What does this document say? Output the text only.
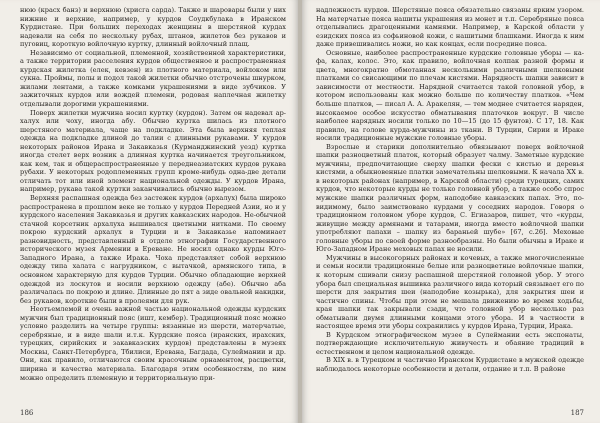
нюю (красх банз) и верхнюю (хрисга сарда). Также и шаровары были у них нижние и верхние, например, у курдов Соудкбулака в Иранском Курдистане. При больших переходах женщины в шерстяной курдах надевали на себя по нескольку рубах, штанов, жилетов без рукавов и пуговиц, короткую войлочную куртку, длинный войлочный плащ.

Независимо от социальной, племенной, хозяйственной характеристики, а также территории расселения курдов общественное и распространенная курдская жилетка (елек, кевзен) из плотного материала, войлоком или сукна. Проймы, полы и подол такой жилетки обычно отстрочены шнурком, жилами лентами, а также комками украшениями в виде зубчиков. У зажиточных курдов или вождей племени, родовая наплечная жилетку отделывали дорогими украшениями.

Поверх жилетки мужчина носил куртку (курдон). Затем он надевал ар-халух или чоху, иногда абу. Обычно куртка шилась из плотного шерстяного материала, чаще на подкладке. Эта была верхняя теплая одежда на подкладке длиной до талии с длинными рукавами. У курдов некоторых районов Ирана и Закавказья (Курманджинский уезд) куртка иногда стелет верх возник а длинная куртка начинается треугольником, как кем, так и общераспространенные у переднеазиатских курдов рукава рубахи. У некоторых родоплеменных групп кроме-нибудь одна-две детали отличать тот или иной элемент национальной одежды. У курдов Ирана, например, рукава такой куртки заканчивались обычно вырезом.

Верхняя распашная одежда без застежек курдов (архалух) была широко распространена в прошлом веке не только у курдов Передней Азии, но и у курдского населения Закавказья и других кавказских народов. Не-обычной стачной корсетник архалуха вышивался цветными нитками. По своему покрою курдский архалух в Турции и в Закавказье напоминает разновидность, представленный в отделе этнографии Государственного исторического музея Армении в Ереване. Не носил однако курды Юго-Западного Ирана, а также Ирака. Чоха представляет собой верхнюю одежду типа халата с нагрудником, с вытачкой, армянского типа, в основном характерную для курдов Турции. Обычно обладающие верхней одеждой из лоскутов и носили верхнюю одежду (абе). Обычно аба различалась по покрою и длине. Длинные до пят а зиде овальной накидки, без рукавов, короткие были в пролеями для рук.

Неотъемлемой и очень важной частью национальной одежды курдских мужчин был традиционный пояс (ишт, кембер). Традиционный пояс можно условно разделить на четыре группы: вязанные из шерсти, матерчатые, серебряные, и в виде шали и.т.к. Курдские пояса (иранских, ирахских, турецких, сирийских и закавказских курдов) представлены в музеях Москвы, Санкт-Петербурга, Тбилиси, Еревана, Багдада, Сулеймании и др. Они, как правило, отличаются своим красочным орнаментом, расцветки, ширина и качества материала. Благодаря этим особенностям, по ним можно определить племенную и территориальную при-

186

надлежность курдов. Шерстяные пояса обязательно связаны ярким узором. На матерчатые пояса нашиты украшения из монет и т.п. Серебряные пояса отделывались драгоценными камнями. Например, в Карской области у езидских пояса из софьиновой кожи, с нашитыми блашками. Иногда к ним даже привешивались ножи, но как концах, если посредине пояса.

Основные, наиболее распространенные курдские головные уборы — ка-фа, калах, колос. Это, как правило, войлочная колпак разной формы и цвета, многократно обмотанная несколькими различными шелковыми платками со свисающими по плечам кистями. Нарядность шапки зависит в зависимости от местности. Нарядной считается такой головной убор, в котором использованы как можно больше по количеству платков. «Чем больше платков, — писал А. А. Аракелян, — тем моднее считается наряден, высокаемое особое искусство обматывания платочков вокруг. В числе наиболее нарядных носили только по 10—15 (до 15 фунтов). С 17, 18. Как правило, на голове курда-мужчины из ткани. В Турции, Сирии и Ираке носили традиционные мужские головные уборы.

Взрослые и старики дополнительно обвязывают поверх войлочной шапки разноцветный платок, который образует чалму. Заметные курдские мужчины, предпочитающие сверху шапки фески с кистью и деревья кистями, а обыкновенные платки замечательны шелковыми. К начала XX в. в некоторых районах (например, в Карской области) среди турецких, самих курдов, что некоторые курды не только головной убор, а также особо спрос мужские шапки различных форм, наподобие кавказских папах. Это, по-видимому, было заимствовано курдами у соседних народов. Говоря о традиционном головном уборе курдов, С. Егиазаров, пишет, что «курды, живущие между армянами и татарами, иногда вместо войлочной шапки употребляют папахи – шапку из бараньей шубе» [67, с.26]. Меховые головные уборы по своей форме разнообразны. Но были обычны в Ираке и Юго-Западном Иране меховых папах не носили.

Мужчины в высокогорных районах и кочевых, а также многочисленные и семьи носили традиционные белые или разноцветные войлочные шапки, к которым сшивали снизу распашной шерстяной головной убор. У этого убора был специальная вышивка различного вида который связывает его по шерсти для закрытия шеи (наподобие козырька), для закрытия шеи и частично спины. Чтобы при этом не мешала движению во время ходьбы, края шапки так закрывали сзади, что головной убор несколько раз обматывали двумя длинными концами этого убора. И в частности в настоящее время эти уборы сохранились у курдов Ирана, Турции, Ирака.

В Курдском этнографическом музее в Сулеймании есть экспонаты, подтверждающие исключительную живучесть и обаяние традиций в естественном и целом национальной одежде.

В XIX в. в Турецком и частично Иранском Курдистане в мужской одежде наблюдалось некоторые особенности и детали, отдание и т.п. В районе

187
